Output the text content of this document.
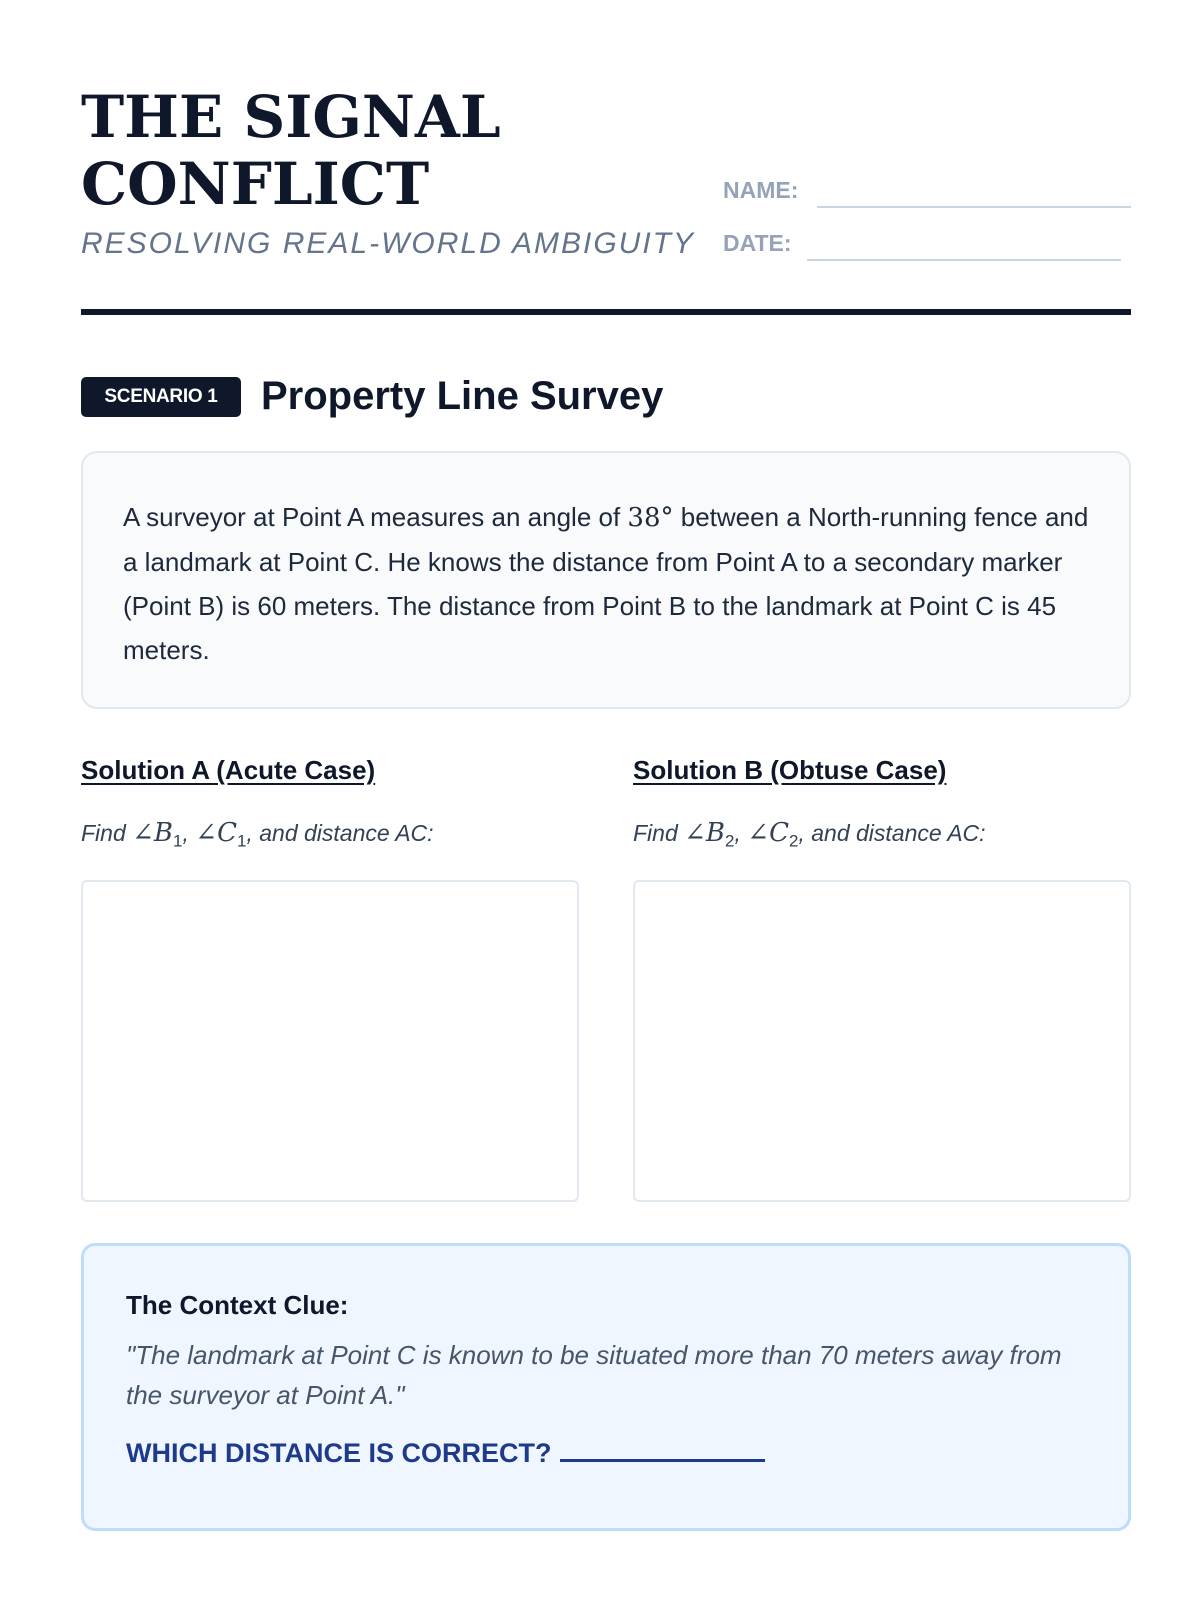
THE SIGNAL
CONFLICT
RESOLVING REAL-WORLD AMBIGUITY
NAME:
DATE:
SCENARIO 1	Property Line Survey

A surveyor at Point A measures an angle of 38° between a North-running fence and a landmark at Point C. He knows the distance from Point A to a secondary marker (Point B) is 60 meters. The distance from Point B to the landmark at Point C is 45 meters.

Solution A (Acute Case)
Find $\angle B_1$, $\angle C_1$, and distance AC:
Solution B (Obtuse Case)
Find $\angle B_2$, $\angle C_2$, and distance AC:

The Context Clue:

"The landmark at Point C is known to be situated more than 70 meters away from the surveyor at Point A."

WHICH DISTANCE IS CORRECT?
